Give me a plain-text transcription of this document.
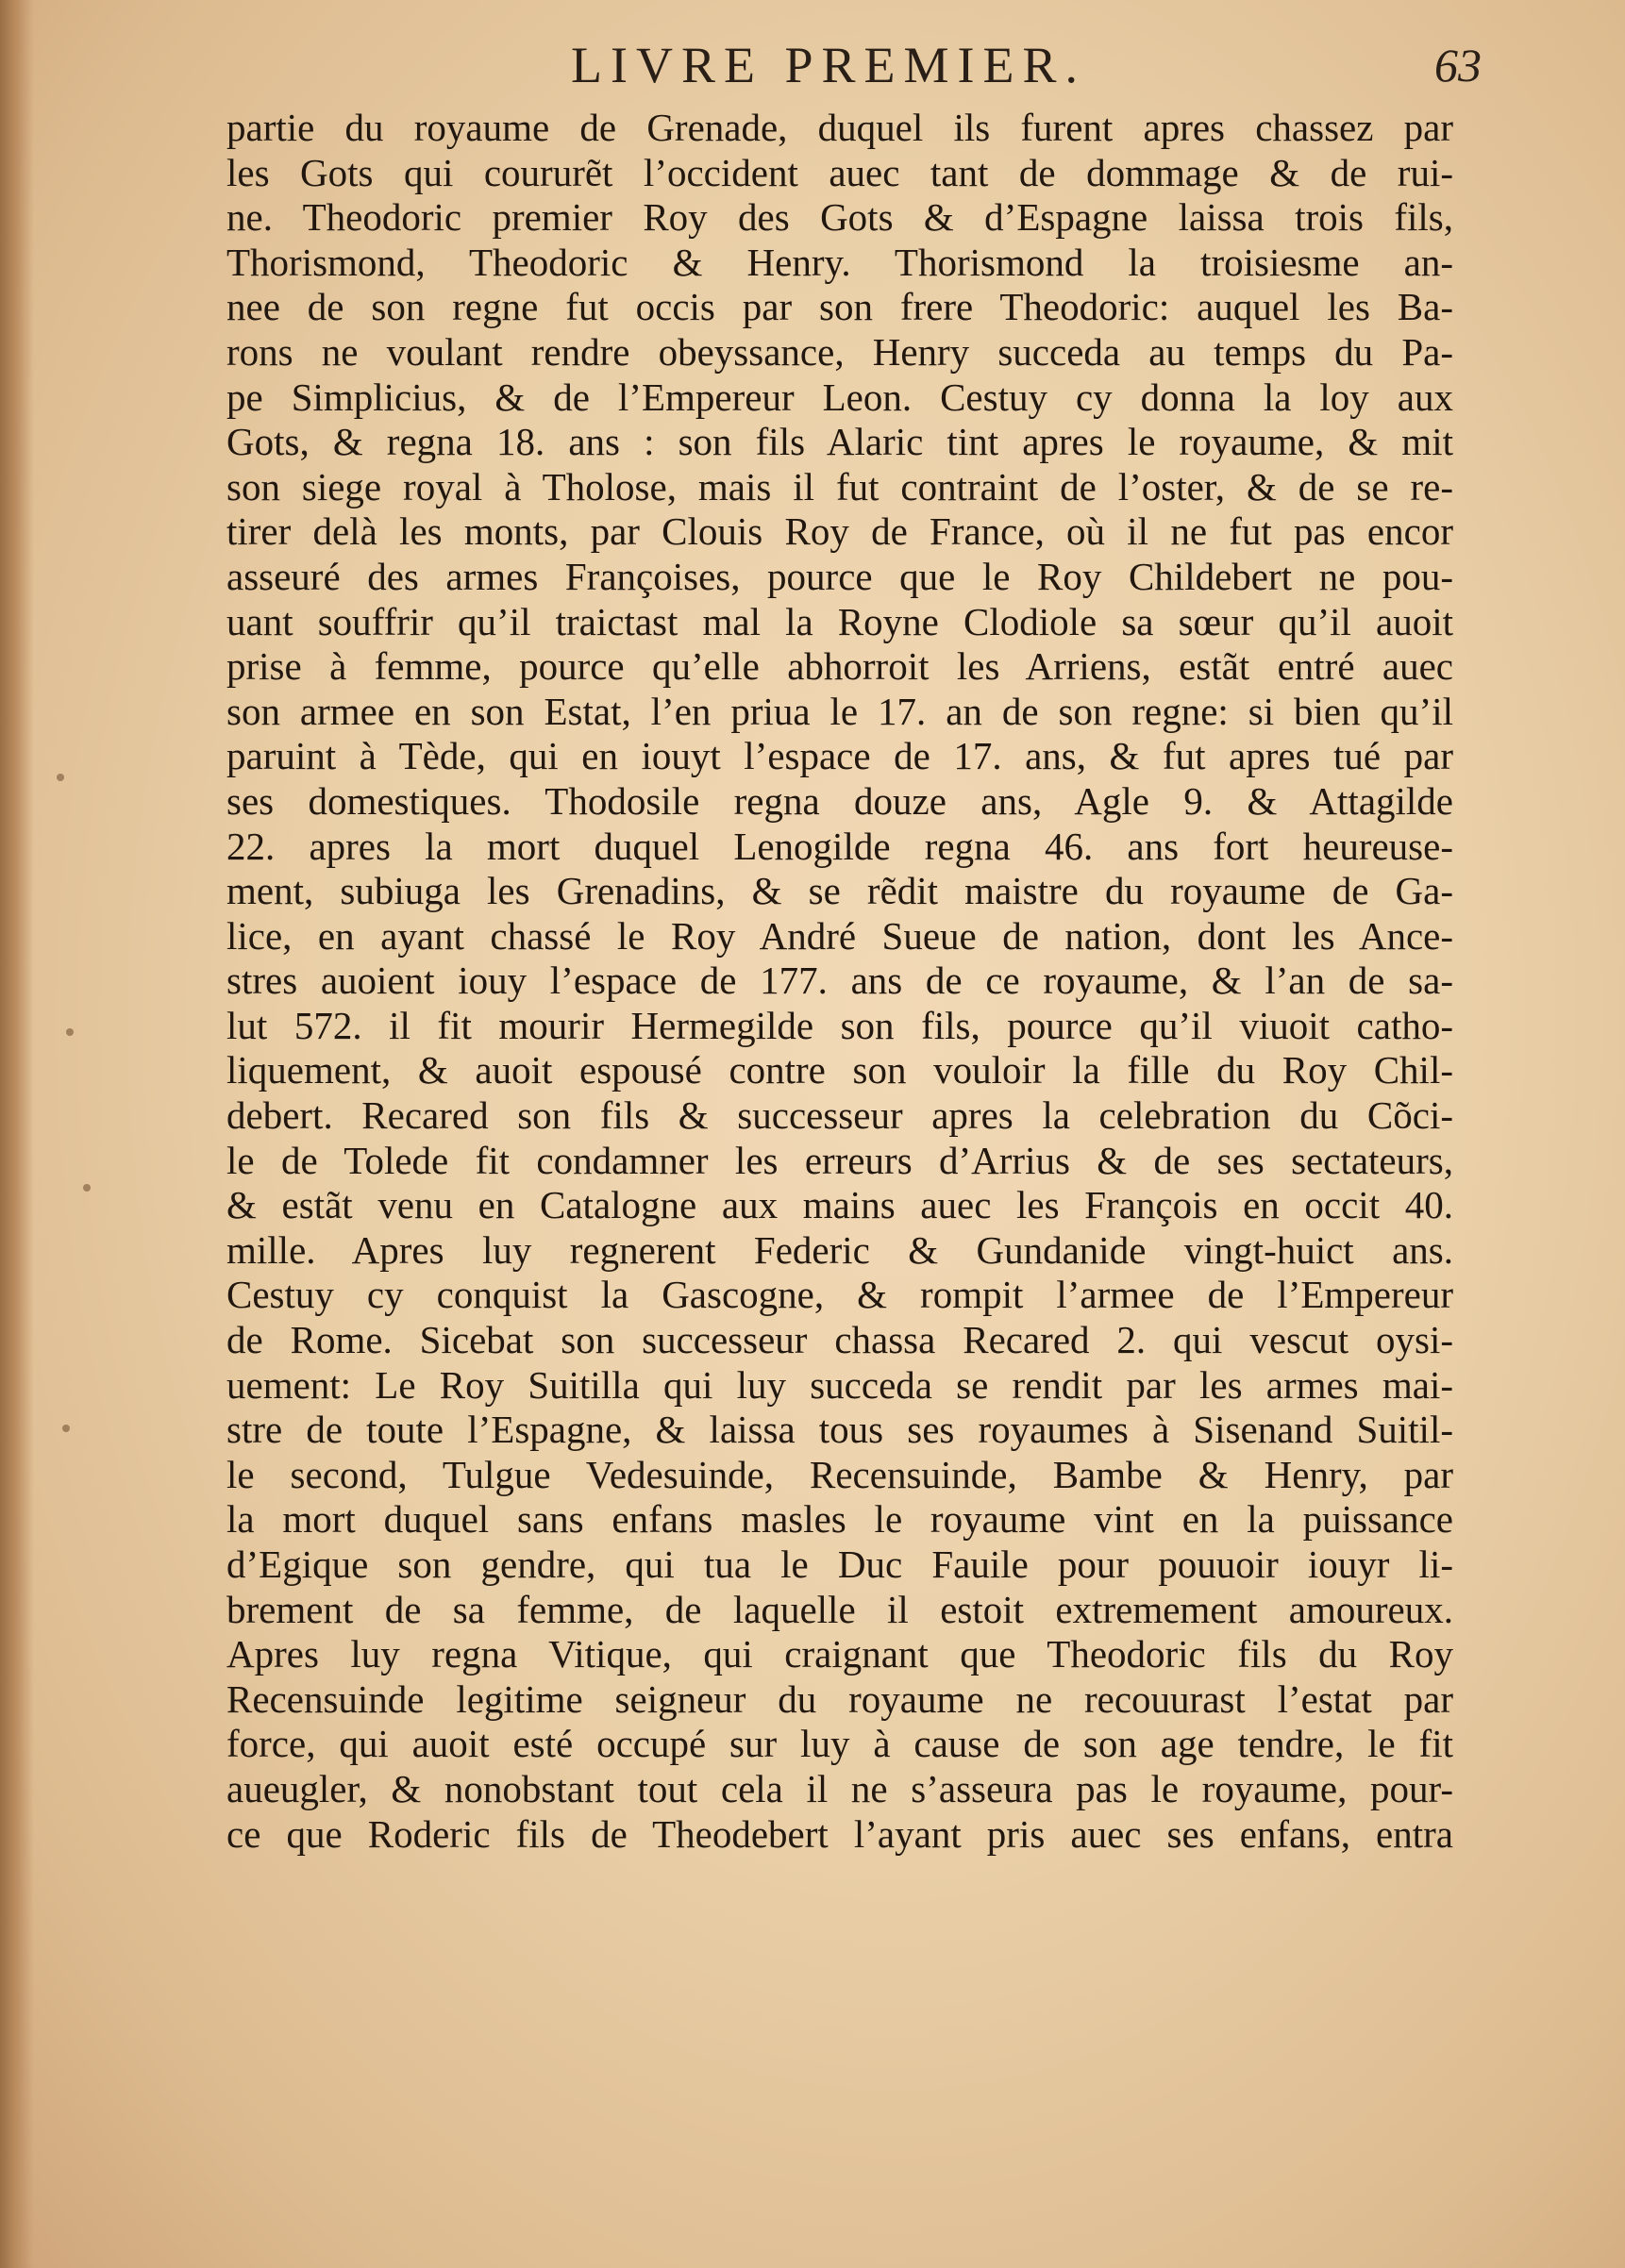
LIVRE PREMIER.	63
partie du royaume de Grenade, duquel ils furent apres chassez par
les Gots qui coururẽt l’occident auec tant de dommage & de rui-
ne. Theodoric premier Roy des Gots & d’Espagne laissa trois fils,
Thorismond, Theodoric & Henry. Thorismond la troisiesme an-
nee de son regne fut occis par son frere Theodoric: auquel les Ba-
rons ne voulant rendre obeyssance, Henry succeda au temps du Pa-
pe Simplicius, & de l’Empereur Leon. Cestuy cy donna la loy aux
Gots, & regna 18. ans : son fils Alaric tint apres le royaume, & mit
son siege royal à Tholose, mais il fut contraint de l’oster, & de se re-
tirer delà les monts, par Clouis Roy de France, où il ne fut pas encor
asseuré des armes Françoises, pource que le Roy Childebert ne pou-
uant souffrir qu’il traictast mal la Royne Clodiole sa sœur qu’il auoit
prise à femme, pource qu’elle abhorroit les Arriens, estãt entré auec
son armee en son Estat, l’en priua le 17. an de son regne: si bien qu’il
paruint à Tède, qui en iouyt l’espace de 17. ans, & fut apres tué par
ses domestiques. Thodosile regna douze ans, Agle 9. & Attagilde
22. apres la mort duquel Lenogilde regna 46. ans fort heureuse-
ment, subiuga les Grenadins, & se rẽdit maistre du royaume de Ga-
lice, en ayant chassé le Roy André Sueue de nation, dont les Ance-
stres auoient iouy l’espace de 177. ans de ce royaume, & l’an de sa-
lut 572. il fit mourir Hermegilde son fils, pource qu’il viuoit catho-
liquement, & auoit espousé contre son vouloir la fille du Roy Chil-
debert. Recared son fils & successeur apres la celebration du Cõci-
le de Tolede fit condamner les erreurs d’Arrius & de ses sectateurs,
& estãt venu en Catalogne aux mains auec les François en occit 40.
mille. Apres luy regnerent Federic & Gundanide vingt-huict ans.
Cestuy cy conquist la Gascogne, & rompit l’armee de l’Empereur
de Rome. Sicebat son successeur chassa Recared 2. qui vescut oysi-
uement: Le Roy Suitilla qui luy succeda se rendit par les armes mai-
stre de toute l’Espagne, & laissa tous ses royaumes à Sisenand Suitil-
le second, Tulgue Vedesuinde, Recensuinde, Bambe & Henry, par
la mort duquel sans enfans masles le royaume vint en la puissance
d’Egique son gendre, qui tua le Duc Fauile pour pouuoir iouyr li-
brement de sa femme, de laquelle il estoit extremement amoureux.
Apres luy regna Vitique, qui craignant que Theodoric fils du Roy
Recensuinde legitime seigneur du royaume ne recouurast l’estat par
force, qui auoit esté occupé sur luy à cause de son age tendre, le fit
aueugler, & nonobstant tout cela il ne s’asseura pas le royaume, pour-
ce que Roderic fils de Theodebert l’ayant pris auec ses enfans, entra
